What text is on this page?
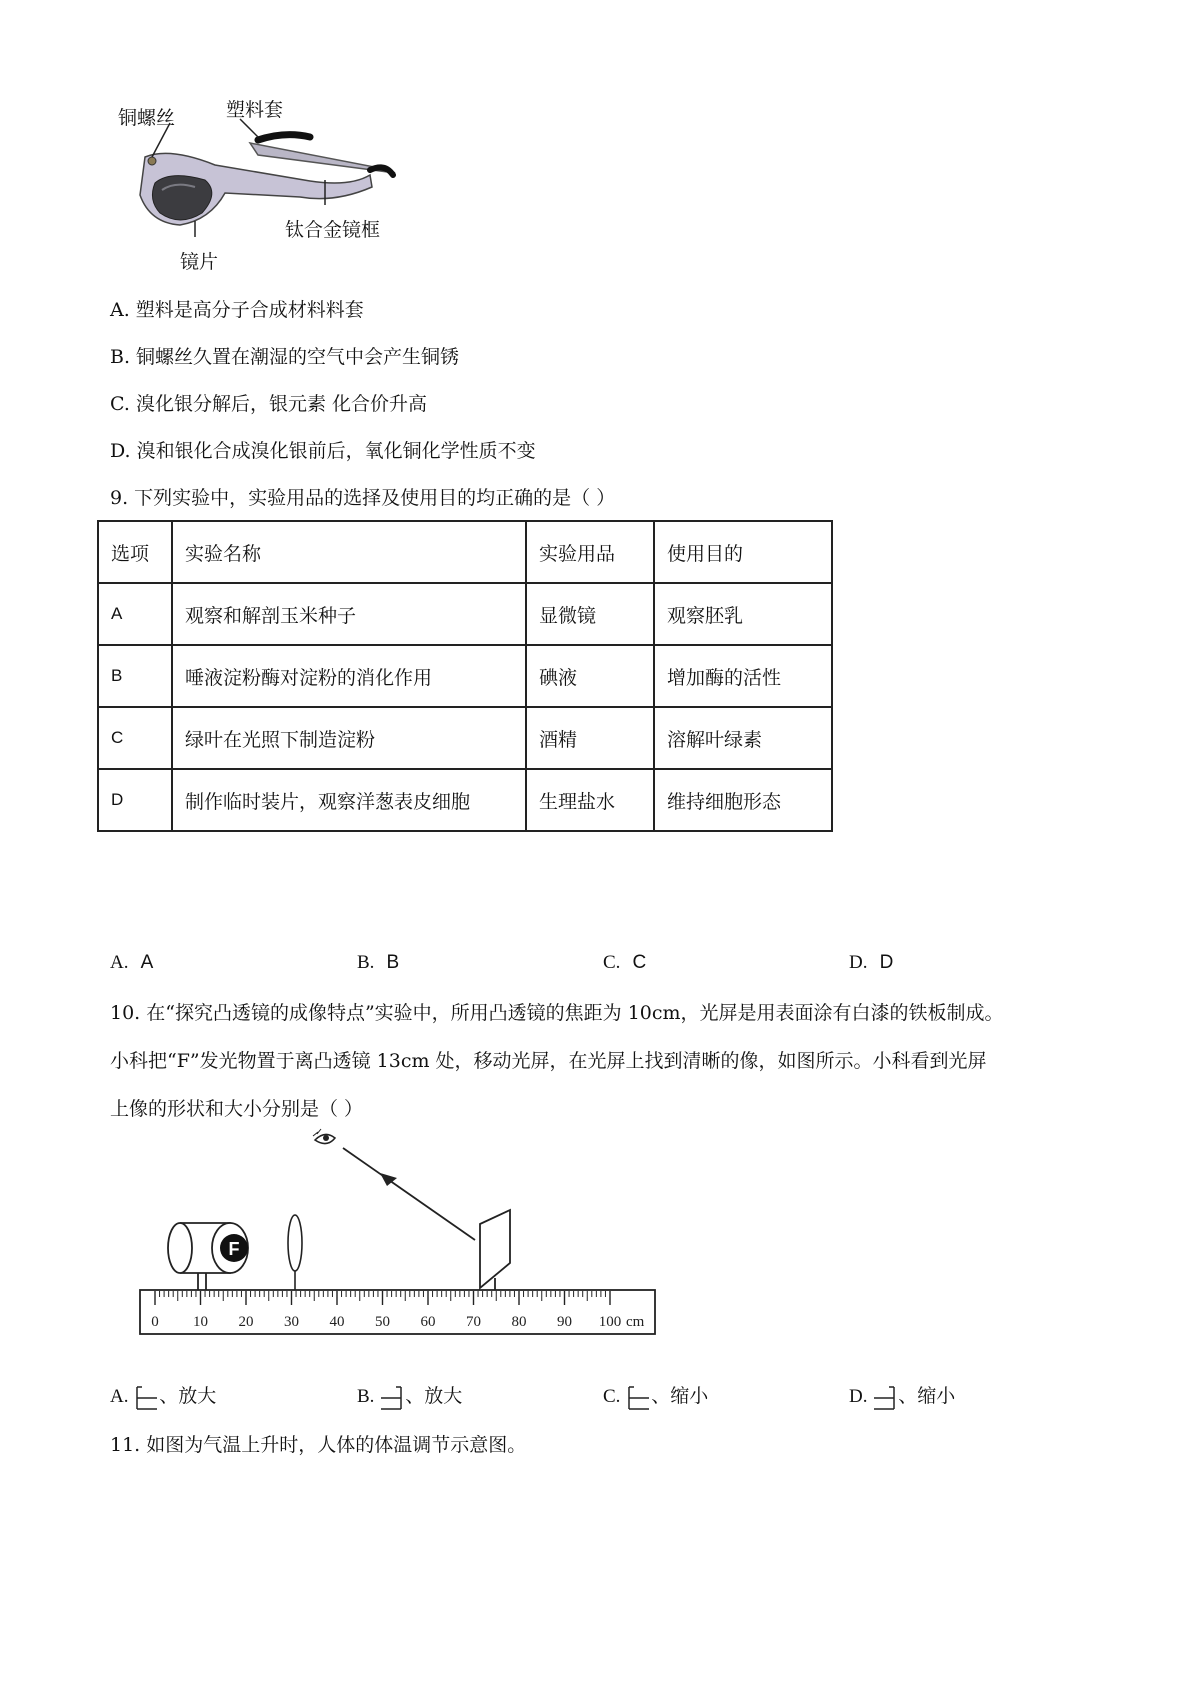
铜螺丝	塑料套
钛合金镜框
镜片
A. 塑料是高分子合成材料料套
B. 铜螺丝久置在潮湿的空气中会产生铜锈
C. 溴化银分解后，银元素 化合价升高
D. 溴和银化合成溴化银前后，氧化铜化学性质不变
9. 下列实验中，实验用品的选择及使用目的均正确的是（ ）
选项	实验名称	实验用品	使用目的
A	观察和解剖玉米种子	显微镜	观察胚乳
B	唾液淀粉酶对淀粉的消化作用	碘液	增加酶的活性
C	绿叶在光照下制造淀粉	酒精	溶解叶绿素
D	制作临时装片，观察洋葱表皮细胞	生理盐水	维持细胞形态
A. A	B. B	C. C	D. D
10. 在“探究凸透镜的成像特点”实验中，所用凸透镜的焦距为 10cm，光屏是用表面涂有白漆的铁板制成。
小科把“F”发光物置于离凸透镜 13cm 处，移动光屏，在光屏上找到清晰的像，如图所示。小科看到光屏
上像的形状和大小分别是（ ）
F
0 10 20 30 40 50 60 70 80 90 100 cm
A. 、放大	B. 、放大	C. 、缩小	D. 、缩小
11. 如图为气温上升时，人体的体温调节示意图。
